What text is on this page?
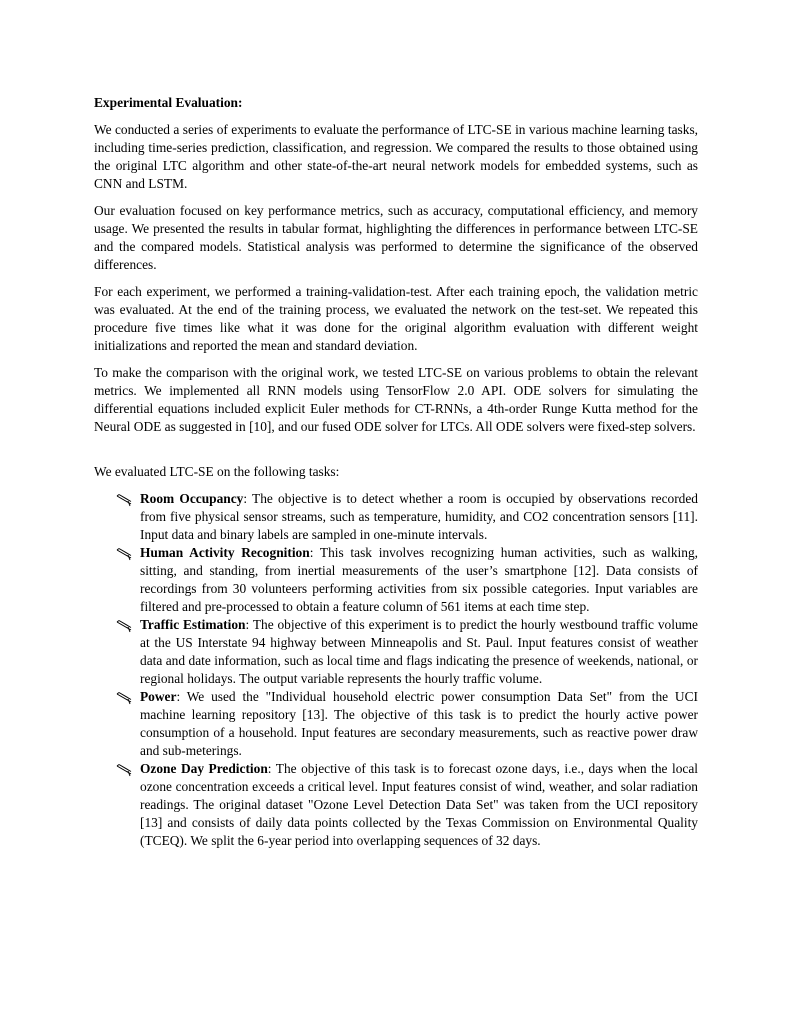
Experimental Evaluation:

We conducted a series of experiments to evaluate the performance of LTC-SE in various machine learning tasks, including time-series prediction, classification, and regression. We compared the results to those obtained using the original LTC algorithm and other state-of-the-art neural network models for embedded systems, such as CNN and LSTM.

Our evaluation focused on key performance metrics, such as accuracy, computational efficiency, and memory usage. We presented the results in tabular format, highlighting the differences in performance between LTC-SE and the compared models. Statistical analysis was performed to determine the significance of the observed differences.

For each experiment, we performed a training-validation-test. After each training epoch, the validation metric was evaluated. At the end of the training process, we evaluated the network on the test-set. We repeated this procedure five times like what it was done for the original algorithm evaluation with different weight initializations and reported the mean and standard deviation.

To make the comparison with the original work, we tested LTC-SE on various problems to obtain the relevant metrics. We implemented all RNN models using TensorFlow 2.0 API. ODE solvers for simulating the differential equations included explicit Euler methods for CT-RNNs, a 4th-order Runge Kutta method for the Neural ODE as suggested in [10], and our fused ODE solver for LTCs. All ODE solvers were fixed-step solvers.

We evaluated LTC-SE on the following tasks:

Room Occupancy: The objective is to detect whether a room is occupied by observations recorded from five physical sensor streams, such as temperature, humidity, and CO2 concentration sensors [11]. Input data and binary labels are sampled in one-minute intervals.
Human Activity Recognition: This task involves recognizing human activities, such as walking, sitting, and standing, from inertial measurements of the user’s smartphone [12]. Data consists of recordings from 30 volunteers performing activities from six possible categories. Input variables are filtered and pre-processed to obtain a feature column of 561 items at each time step.
Traffic Estimation: The objective of this experiment is to predict the hourly westbound traffic volume at the US Interstate 94 highway between Minneapolis and St. Paul. Input features consist of weather data and date information, such as local time and flags indicating the presence of weekends, national, or regional holidays. The output variable represents the hourly traffic volume.
Power: We used the "Individual household electric power consumption Data Set" from the UCI machine learning repository [13]. The objective of this task is to predict the hourly active power consumption of a household. Input features are secondary measurements, such as reactive power draw and sub-meterings.
Ozone Day Prediction: The objective of this task is to forecast ozone days, i.e., days when the local ozone concentration exceeds a critical level. Input features consist of wind, weather, and solar radiation readings. The original dataset "Ozone Level Detection Data Set" was taken from the UCI repository [13] and consists of daily data points collected by the Texas Commission on Environmental Quality (TCEQ). We split the 6-year period into overlapping sequences of 32 days.
